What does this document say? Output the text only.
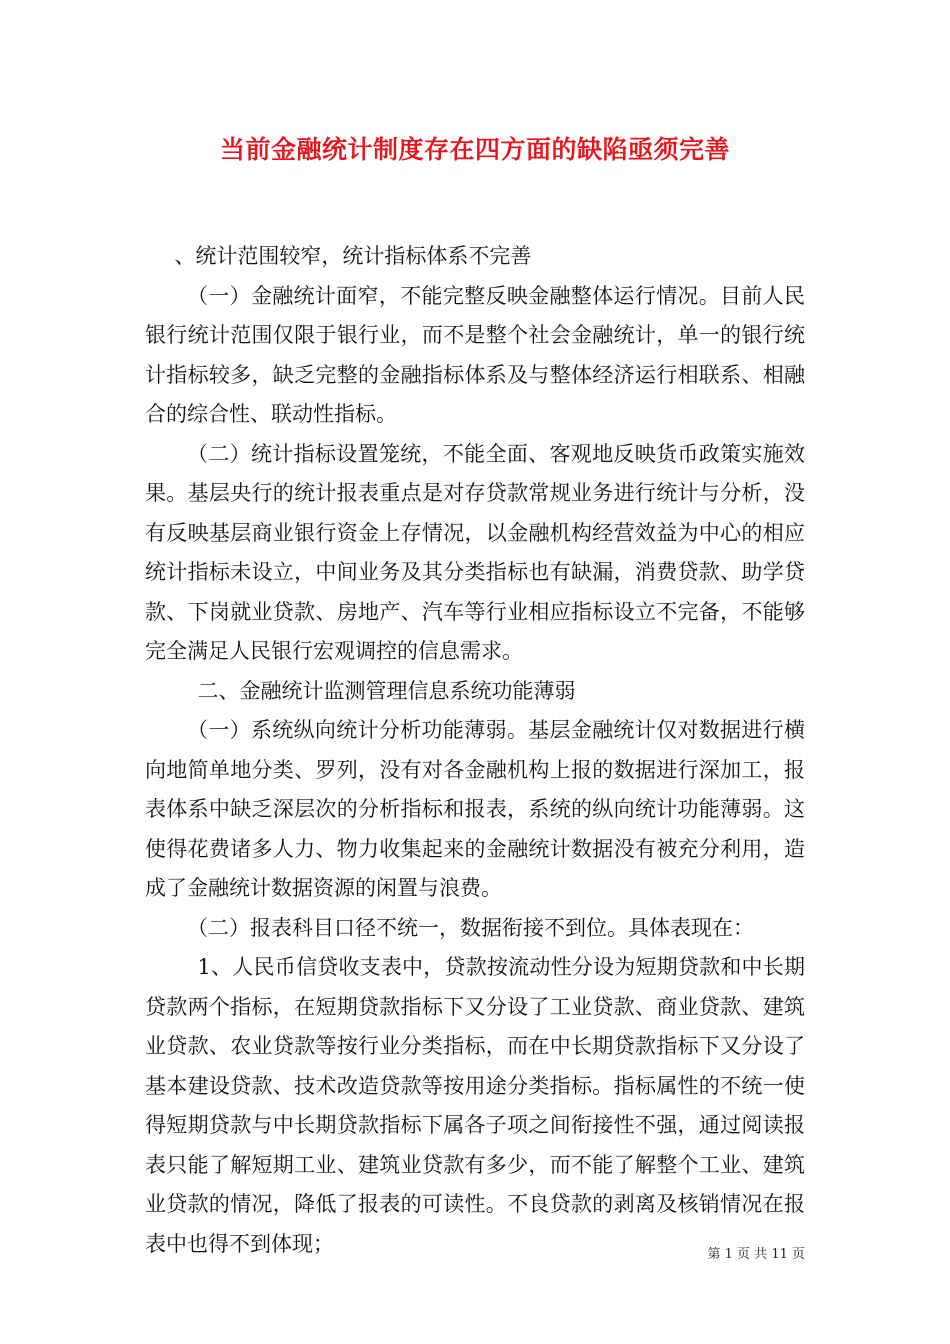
当前金融统计制度存在四方面的缺陷亟须完善

、统计范围较窄，统计指标体系不完善

（一）金融统计面窄，不能完整反映金融整体运行情况。目前人民银行统计范围仅限于银行业，而不是整个社会金融统计，单一的银行统计指标较多，缺乏完整的金融指标体系及与整体经济运行相联系、相融合的综合性、联动性指标。

（二）统计指标设置笼统，不能全面、客观地反映货币政策实施效果。基层央行的统计报表重点是对存贷款常规业务进行统计与分析，没有反映基层商业银行资金上存情况，以金融机构经营效益为中心的相应统计指标未设立，中间业务及其分类指标也有缺漏，消费贷款、助学贷款、下岗就业贷款、房地产、汽车等行业相应指标设立不完备，不能够完全满足人民银行宏观调控的信息需求。

二、金融统计监测管理信息系统功能薄弱

（一）系统纵向统计分析功能薄弱。基层金融统计仅对数据进行横向地简单地分类、罗列，没有对各金融机构上报的数据进行深加工，报表体系中缺乏深层次的分析指标和报表，系统的纵向统计功能薄弱。这使得花费诸多人力、物力收集起来的金融统计数据没有被充分利用，造成了金融统计数据资源的闲置与浪费。

（二）报表科目口径不统一，数据衔接不到位。具体表现在：

1、人民币信贷收支表中，贷款按流动性分设为短期贷款和中长期贷款两个指标，在短期贷款指标下又分设了工业贷款、商业贷款、建筑业贷款、农业贷款等按行业分类指标，而在中长期贷款指标下又分设了基本建设贷款、技术改造贷款等按用途分类指标。指标属性的不统一使得短期贷款与中长期贷款指标下属各子项之间衔接性不强，通过阅读报表只能了解短期工业、建筑业贷款有多少，而不能了解整个工业、建筑业贷款的情况，降低了报表的可读性。不良贷款的剥离及核销情况在报表中也得不到体现；	第 1 页 共 11 页
